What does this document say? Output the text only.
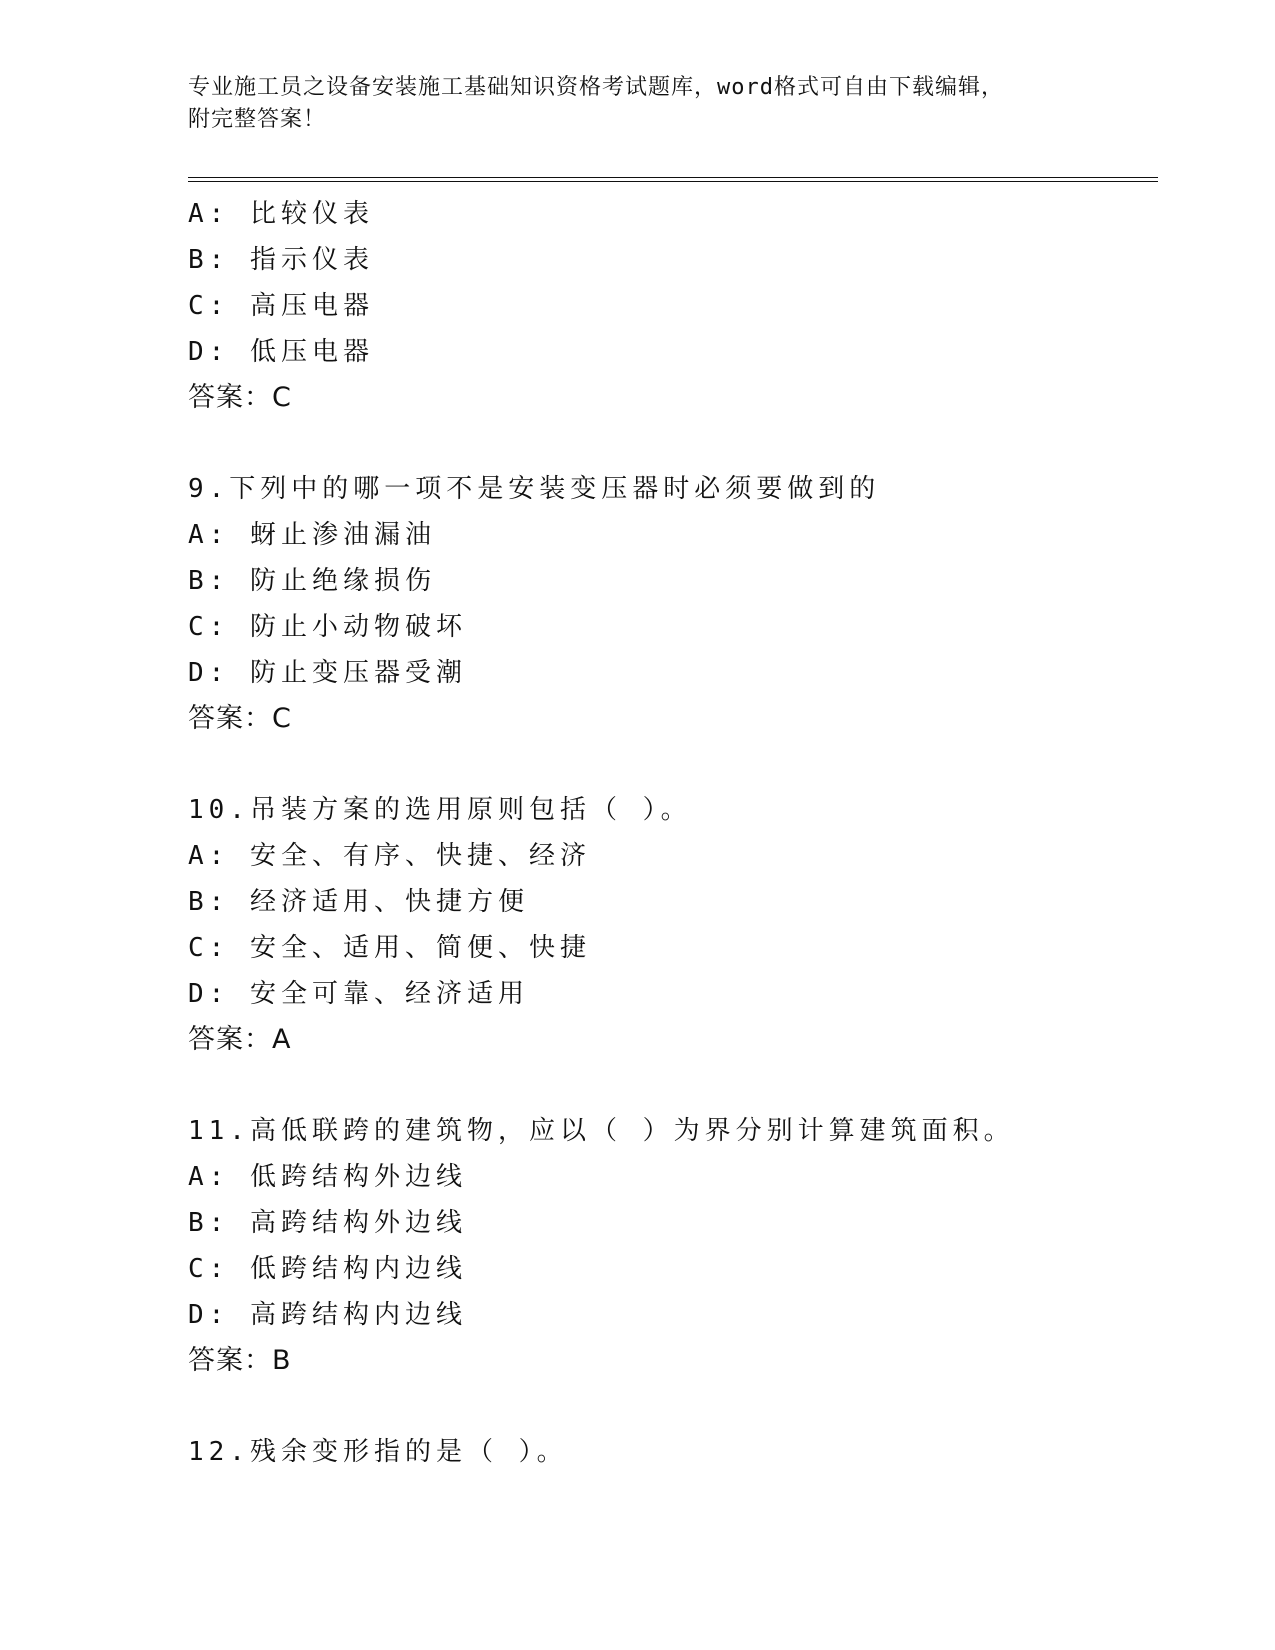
专业施工员之设备安装施工基础知识资格考试题库，word格式可自由下载编辑，
附完整答案！
A: 比较仪表
B: 指示仪表
C: 高压电器
D: 低压电器
答案：C
9.下列中的哪一项不是安装变压器时必须要做到的
A: 蚜止渗油漏油
B: 防止绝缘损伤
C: 防止小动物破坏
D: 防止变压器受潮
答案：C
10.吊装方案的选用原则包括（ ）。
A: 安全、有序、快捷、经济
B: 经济适用、快捷方便
C: 安全、适用、简便、快捷
D: 安全可靠、经济适用
答案：A
11.高低联跨的建筑物，应以（ ）为界分别计算建筑面积。
A: 低跨结构外边线
B: 高跨结构外边线
C: 低跨结构内边线
D: 高跨结构内边线
答案：B
12.残余变形指的是（ ）。
